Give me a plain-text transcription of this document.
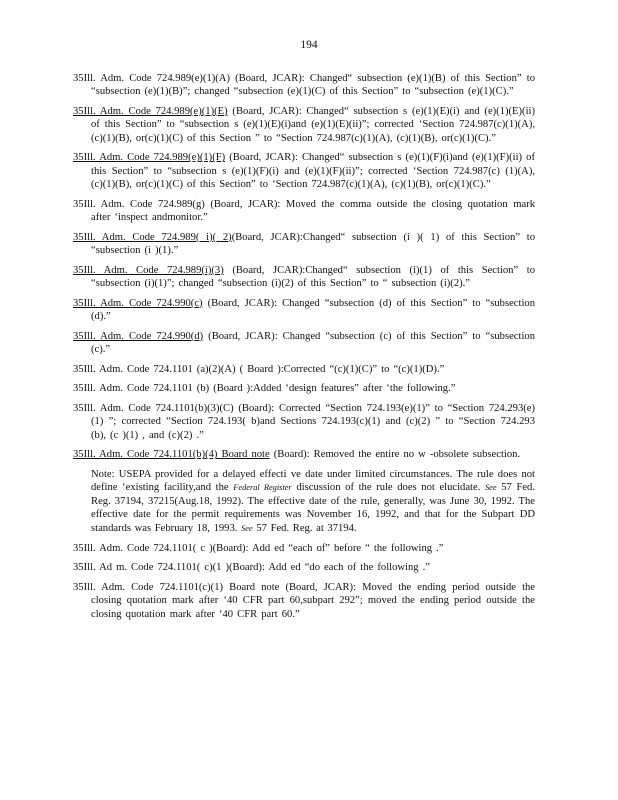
194
35Ill. Adm. Code 724.989(e)(1)(A) (Board, JCAR): Changed“ subsection (e)(1)(B) of this Section” to “subsection (e)(1)(B)”; changed “subsection (e)(1)(C) of this Section” to “subsection (e)(1)(C).”
35Ill. Adm. Code 724.989(e)(1)(E) (Board, JCAR): Changed“ subsection s (e)(1)(E)(i) and (e)(1)(E)(ii) of this Section” to “subsection s (e)(1)(E)(i)and (e)(1)(E)(ii)”; corrected ‘Section 724.987(c)(1)(A), (c)(1)(B), or(c)(1)(C) of this Section ” to “Section 724.987(c)(1)(A), (c)(1)(B), or(c)(1)(C).”
35Ill. Adm. Code 724.989(e)(1)(F) (Board, JCAR): Changed“ subsection s (e)(1)(F)(i)and (e)(1)(F)(ii) of this Section” to “subsection s (e)(1)(F)(i) and (e)(1)(F)(ii)”; corrected ‘Section 724.987(c) (1)(A), (c)(1)(B), or(c)(1)(C) of this Section” to ‘Section 724.987(c)(1)(A), (c)(1)(B), or(c)(1)(C).”
35Ill. Adm. Code 724.989(g) (Board, JCAR): Moved the comma outside the closing quotation mark after ‘inspect andmonitor.”
35Ill. Adm. Code 724.989( i)( 2)(Board, JCAR):Changed“ subsection (i )( 1) of this Section” to “subsection (i )(1).”
35Ill. Adm. Code 724.989(i)(3) (Board, JCAR):Changed“ subsection (i)(1) of this Section” to “subsection (i)(1)”; changed “subsection (i)(2) of this Section” to “ subsection (i)(2).”
35Ill. Adm. Code 724.990(c) (Board, JCAR): Changed “subsection (d) of this Section” to “subsection (d).”
35Ill. Adm. Code 724.990(d) (Board, JCAR): Changed “subsection (c) of this Section” to “subsection (c).”
35Ill. Adm. Code 724.1101 (a)(2)(A) ( Board ):Corrected “(c)(1)(C)” to “(c)(1)(D).”
35Ill. Adm. Code 724.1101 (b) (Board ):Added ‘design features” after ‘the following.”
35Ill. Adm. Code 724.1101(b)(3)(C) (Board): Corrected “Section 724.193(e)(1)” to “Section 724.293(e)(1) ”; corrected “Section 724.193( b)and Sections 724.193(c)(1) and (c)(2) ” to “Section 724.293 (b), (c )(1) , and (c)(2) .”
35Ill. Adm. Code 724.1101(b)(4) Board note (Board): Removed the entire no w -obsolete subsection.
Note: USEPA provided for a delayed effecti ve date under limited circumstances. The rule does not define ‘existing facility,and the Federal Register discussion of the rule does not elucidate. See 57 Fed. Reg. 37194, 37215(Aug.18, 1992). The effective date of the rule, generally, was June 30, 1992. The effective date for the permit requirements was November 16, 1992, and that for the Subpart DD standards was February 18, 1993. See 57 Fed. Reg. at 37194.
35Ill. Adm. Code 724.1101( c )(Board): Add ed “each of” before “ the following .”
35Ill. Ad m. Code 724.1101( c)(1 )(Board): Add ed “do each of the following .”
35Ill. Adm. Code 724.1101(c)(1) Board note (Board, JCAR): Moved the ending period outside the closing quotation mark after ‘40 CFR part 60,subpart 292”; moved the ending period outside the closing quotation mark after ‘40 CFR part 60.”
